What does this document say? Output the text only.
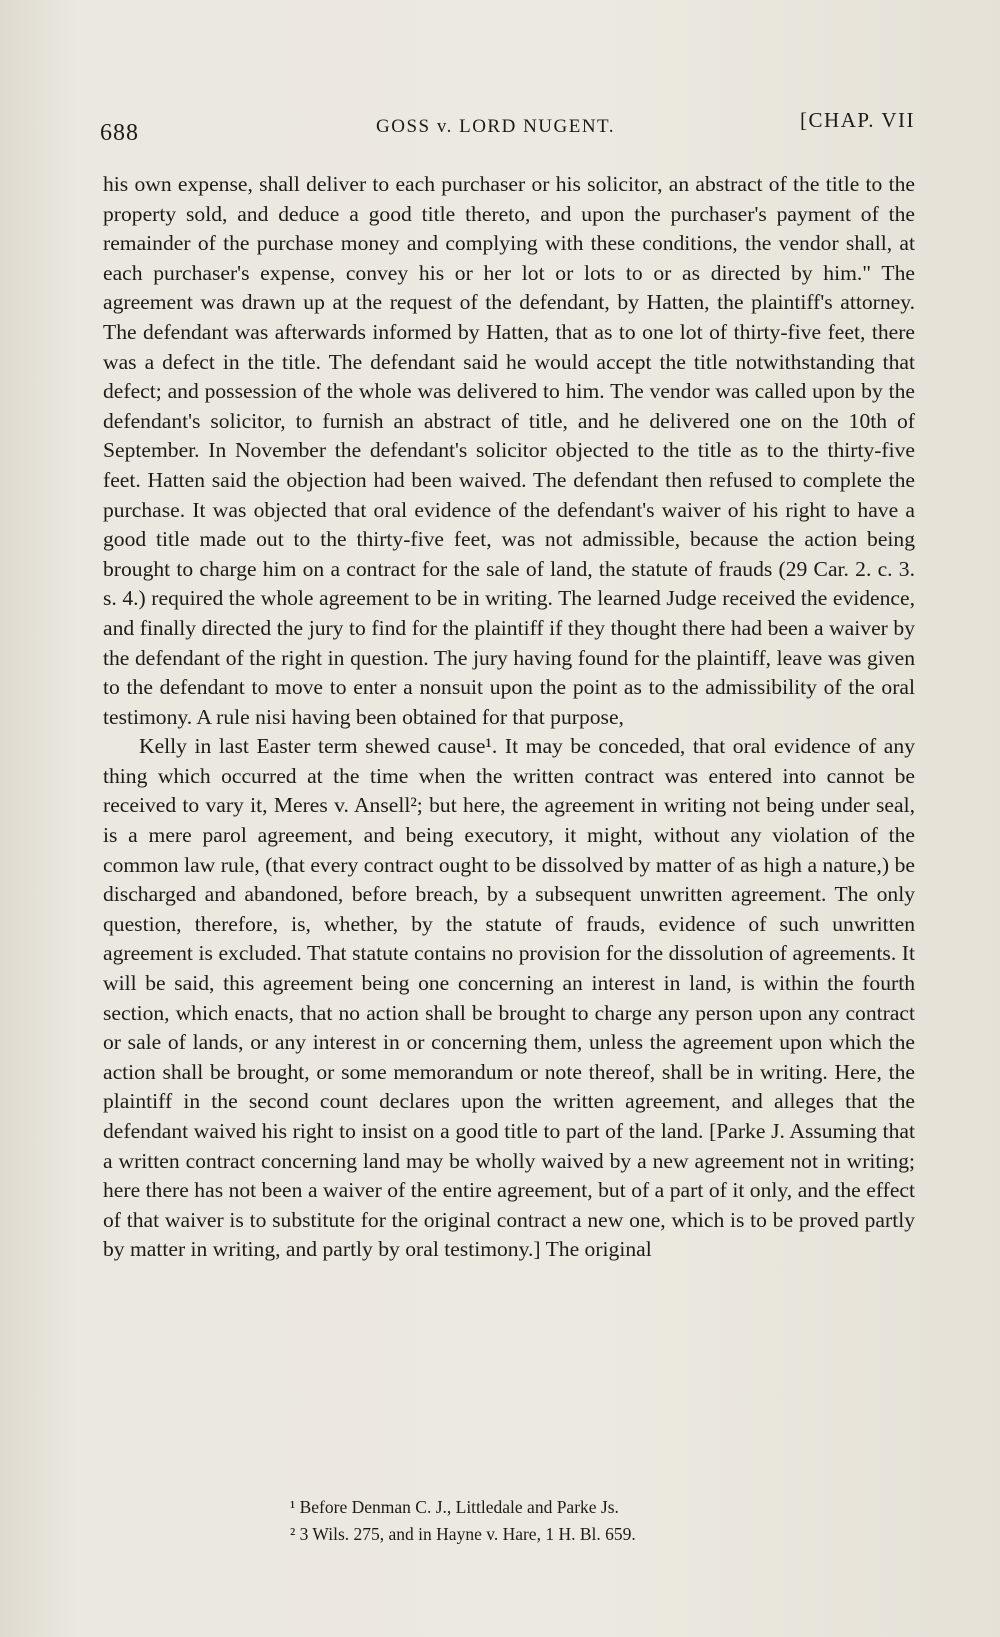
688	GOSS v. LORD NUGENT.	[CHAP. VII

his own expense, shall deliver to each purchaser or his solicitor, an abstract of the title to the property sold, and deduce a good title thereto, and upon the purchaser's payment of the remainder of the purchase money and complying with these conditions, the vendor shall, at each purchaser's expense, convey his or her lot or lots to or as directed by him." The agreement was drawn up at the request of the defendant, by Hatten, the plaintiff's attorney. The defendant was afterwards informed by Hatten, that as to one lot of thirty-five feet, there was a defect in the title. The defendant said he would accept the title notwithstanding that defect; and possession of the whole was delivered to him. The vendor was called upon by the defendant's solicitor, to furnish an abstract of title, and he delivered one on the 10th of September. In November the defendant's solicitor objected to the title as to the thirty-five feet. Hatten said the objection had been waived. The defendant then refused to complete the purchase. It was objected that oral evidence of the defendant's waiver of his right to have a good title made out to the thirty-five feet, was not admissible, because the action being brought to charge him on a contract for the sale of land, the statute of frauds (29 Car. 2. c. 3. s. 4.) required the whole agreement to be in writing. The learned Judge received the evidence, and finally directed the jury to find for the plaintiff if they thought there had been a waiver by the defendant of the right in question. The jury having found for the plaintiff, leave was given to the defendant to move to enter a nonsuit upon the point as to the admissibility of the oral testimony. A rule nisi having been obtained for that purpose,

Kelly in last Easter term shewed cause¹. It may be conceded, that oral evidence of any thing which occurred at the time when the written contract was entered into cannot be received to vary it, Meres v. Ansell²; but here, the agreement in writing not being under seal, is a mere parol agreement, and being executory, it might, without any violation of the common law rule, (that every contract ought to be dissolved by matter of as high a nature,) be discharged and abandoned, before breach, by a subsequent unwritten agreement. The only question, therefore, is, whether, by the statute of frauds, evidence of such unwritten agreement is excluded. That statute contains no provision for the dissolution of agreements. It will be said, this agreement being one concerning an interest in land, is within the fourth section, which enacts, that no action shall be brought to charge any person upon any contract or sale of lands, or any interest in or concerning them, unless the agreement upon which the action shall be brought, or some memorandum or note thereof, shall be in writing. Here, the plaintiff in the second count declares upon the written agreement, and alleges that the defendant waived his right to insist on a good title to part of the land. [Parke J. Assuming that a written contract concerning land may be wholly waived by a new agreement not in writing; here there has not been a waiver of the entire agreement, but of a part of it only, and the effect of that waiver is to substitute for the original contract a new one, which is to be proved partly by matter in writing, and partly by oral testimony.] The original

¹ Before Denman C. J., Littledale and Parke Js.
² 3 Wils. 275, and in Hayne v. Hare, 1 H. Bl. 659.
